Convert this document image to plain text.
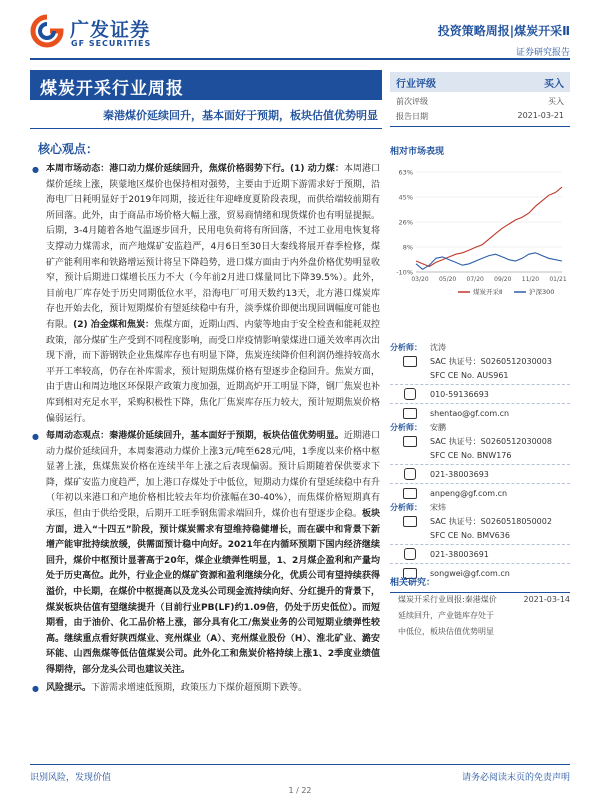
广发证券
GF SECURITIES
投资策略周报|煤炭开采Ⅱ
证券研究报告
煤炭开采行业周报
秦港煤价延续回升，基本面好于预期，板块估值优势明显
核心观点：
● 本周市场动态：港口动力煤价延续回升，焦煤价格弱势下行。(1) 动力煤：本周港口煤价延续上涨，陕蒙地区煤价也保持相对强势，主要由于近期下游需求好于预期，沿海电厂日耗明显好于2019年同期，接近往年迎峰度夏阶段表现，而供给端较前期有所回落。此外，由于商品市场价格大幅上涨，贸易商情绪和现货煤价也有明显提振。后期，3-4月随着各地气温逐步回升，民用电负荷将有所回落，不过工业用电恢复将支撑动力煤需求，而产地煤矿安监趋严，4月6日至30日大秦线将展开春季检修，煤矿产能利用率和铁路增运预计将呈下降趋势，进口煤方面由于内外盘价格优势明显收窄，预计后期进口煤增长压力不大（今年前2月进口煤量同比下降39.5%）。此外，目前电厂库存处于历史同期低位水平，沿海电厂可用天数约13天，北方港口煤炭库存也开始去化，预计短期煤价有望延续稳中有升，淡季煤价即便出现回调幅度可能也有限。(2) 冶金煤和焦炭：焦煤方面，近期山西、内蒙等地由于安全检查和能耗双控政策，部分煤矿生产受到不同程度影响，而受口岸疫情影响蒙煤进口通关效率再次出现下滑，而下游钢铁企业焦煤库存也有明显下降，焦炭连续降价但利润仍维持较高水平开工率较高，仍存在补库需求，预计短期焦煤价格有望逐步企稳回升。焦炭方面，由于唐山和周边地区环保限产政策力度加强，近期高炉开工明显下降，钢厂焦炭也补库到相对充足水平，采购积极性下降，焦化厂焦炭库存压力较大，预计短期焦炭价格偏弱运行。
● 每周动态观点：秦港煤价延续回升，基本面好于预期，板块估值优势明显。近期港口动力煤价延续回升，本周秦港动力煤价上涨3元/吨至628元/吨，1季度以来价格中枢显著上涨，焦煤焦炭价格在连续半年上涨之后表现偏弱。预计后期随着保供要求下降，煤矿安监力度趋严，加上港口存煤处于中低位，短期动力煤价有望延续稳中有升（年初以来港口和产地价格相比较去年均价涨幅在30-40%），而焦煤价格短期真有承压，但由于供给受限，后期开工旺季钢焦需求端回升，煤价也有望逐步企稳。板块方面，进入“十四五”阶段，预计煤炭需求有望维持稳健增长，而在碳中和背景下新增产能审批持续放缓，供需面预计稳中向好。2021年在内循环预期下国内经济继续回升，煤价中枢预计显著高于20年，煤企业绩弹性明显，1、2月煤企盈利和产量均处于历史高位。此外，行业企业的煤矿资源和盈利继续分化，优质公司有望持续获得溢价，中长期，在煤价中枢提高以及龙头公司现金流持续向好、分红提升的背景下，煤炭板块估值有望继续提升（目前行业PB(LF)约1.09倍，仍处于历史低位）。而短期看，由于油价、化工品价格上涨，部分具有化工/焦炭业务的公司短期业绩弹性较高。继续重点看好陕西煤业、兖州煤业（A）、兖州煤业股份（H）、淮北矿业、潞安环能、山西焦煤等低估值煤炭公司。此外化工和焦炭价格持续上涨1、2季度业绩值得期待，部分龙头公司也建议关注。
● 风险提示。下游需求增速低预期，政策压力下煤价超预期下跌等。
行业评级	买入
前次评级	买入
报告日期	2021-03-21
相对市场表现
63%
45%
26%
8%
-10%
03/20 05/20 07/20 09/20 11/20 01/21
煤炭开采Ⅱ	沪深300
分析师：	沈涛
SAC 执证号：S0260512030003
SFC CE No. AUS961
010-59136693
shentao@gf.com.cn
分析师：	安鹏
SAC 执证号：S0260512030008
SFC CE No. BNW176
021-38003693
anpeng@gf.com.cn
分析师：	宋炜
SAC 执证号：S0260518050002
SFC CE No. BMV636
021-38003691
songwei@gf.com.cn
相关研究：
煤炭开采行业周报:秦港煤价	2021-03-14
延续回升，产业链库存处于
中低位，板块估值优势明显
识别风险，发现价值	请务必阅读末页的免责声明
1 / 22
